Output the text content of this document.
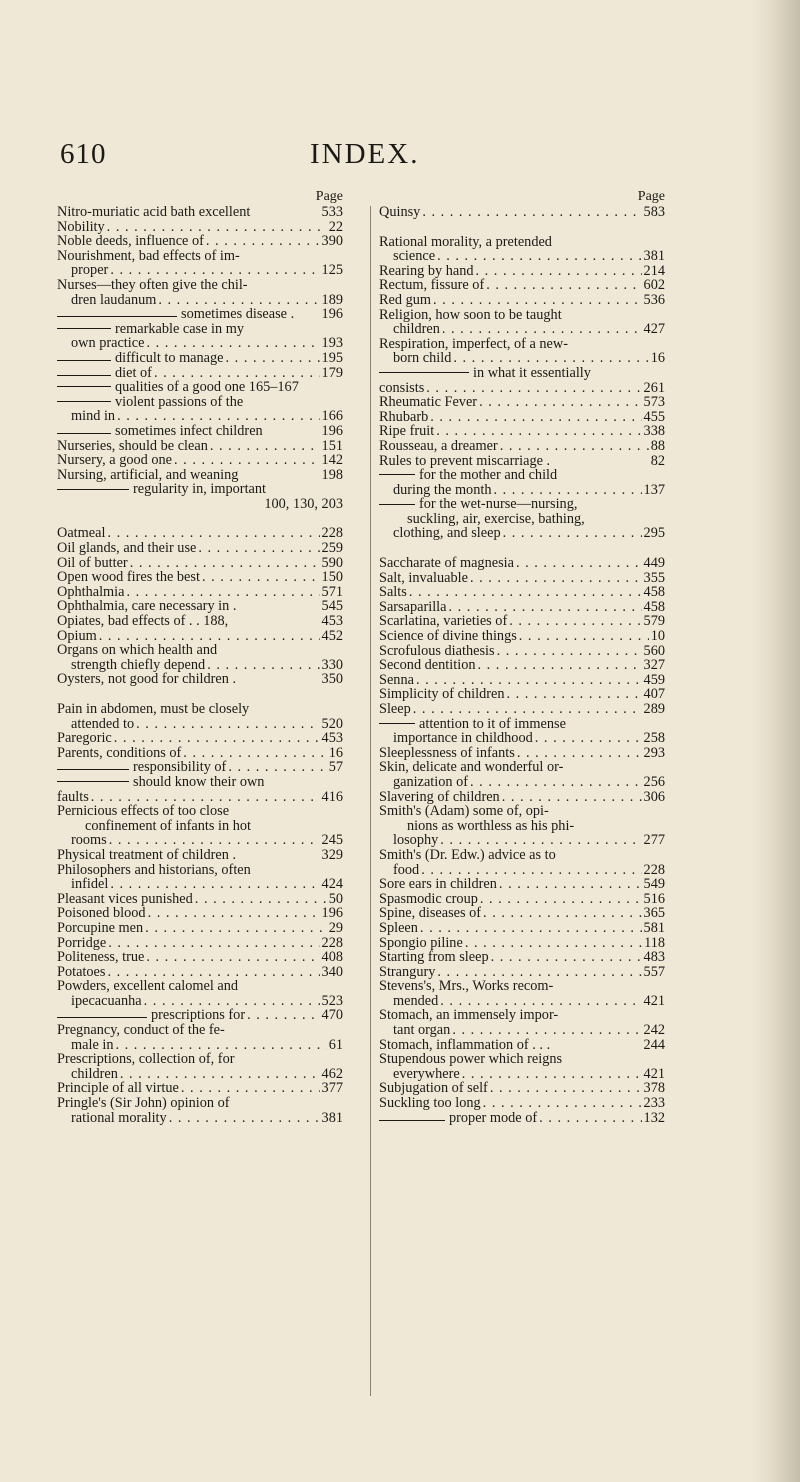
610	INDEX.
Page
Nitro-muriatic acid bath excellent	533
Nobility . . .	22
Noble deeds, influence of . . .	390
Nourishment, bad effects of im-
proper . . .	125
Nurses—they often give the chil-
dren laudanum . . .	189
sometimes disease . 196
remarkable case in my
own practice . . .	193
difficult to manage . . .	195
diet of . . .	179
qualities of a good one 165–167
violent passions of the
mind in . . .	166
sometimes infect children	196
Nurseries, should be clean . . .	151
Nursery, a good one . . .	142
Nursing, artificial, and weaning	198
regularity in, important
100, 130, 203
Oatmeal . . .	228
Oil glands, and their use . . .	259
Oil of butter . . .	590
Open wood fires the best . . .	150
Ophthalmia . . .	571
Ophthalmia, care necessary in .	545
Opiates, bad effects of . . 188,	453
Opium . . .	452
Organs on which health and
strength chiefly depend . . .	330
Oysters, not good for children .	350
Pain in abdomen, must be closely
attended to . . .	520
Paregoric . . .	453
Parents, conditions of . . .	16
responsibility of . . .	57
should know their own
faults . . .	416
Pernicious effects of too close
confinement of infants in hot
rooms . . .	245
Physical treatment of children .	329
Philosophers and historians, often
infidel . . .	424
Pleasant vices punished . . .	50
Poisoned blood . . .	196
Porcupine men . . .	29
Porridge . . .	228
Politeness, true . . .	408
Potatoes . . .	340
Powders, excellent calomel and
ipecacuanha . . .	523
prescriptions for . . .	470
Pregnancy, conduct of the fe-
male in . . .	61
Prescriptions, collection of, for
children . . .	462
Principle of all virtue . . .	377
Pringle's (Sir John) opinion of
rational morality . . .	381
Page
Quinsy . . .	583
Rational morality, a pretended
science . . .	381
Rearing by hand . . .	214
Rectum, fissure of . . .	602
Red gum . . .	536
Religion, how soon to be taught
children . . .	427
Respiration, imperfect, of a new-
born child . . .	16
in what it essentially
consists . . .	261
Rheumatic Fever . . .	573
Rhubarb . . .	455
Ripe fruit . . .	338
Rousseau, a dreamer . . .	88
Rules to prevent miscarriage .	82
for the mother and child
during the month . . .	137
for the wet-nurse—nursing,
suckling, air, exercise, bathing,
clothing, and sleep . . .	295
Saccharate of magnesia . . .	449
Salt, invaluable . . .	355
Salts . . .	458
Sarsaparilla . . .	458
Scarlatina, varieties of . . .	579
Science of divine things . . .	10
Scrofulous diathesis . . .	560
Second dentition . . .	327
Senna . . .	459
Simplicity of children . . .	407
Sleep . . .	289
attention to it of immense
importance in childhood . . .	258
Sleeplessness of infants . . .	293
Skin, delicate and wonderful or-
ganization of . . .	256
Slavering of children . . .	306
Smith's (Adam) some of, opi-
nions as worthless as his phi-
losophy . . .	277
Smith's (Dr. Edw.) advice as to
food . . .	228
Sore ears in children . . .	549
Spasmodic croup . . .	516
Spine, diseases of . . .	365
Spleen . . .	581
Spongio piline . . .	118
Starting from sleep . . .	483
Strangury . . .	557
Stevens's, Mrs., Works recom-
mended . . .	421
Stomach, an immensely impor-
tant organ . . .	242
Stomach, inflammation of . . .	244
Stupendous power which reigns
everywhere . . .	421
Subjugation of self . . .	378
Suckling too long . . .	233
proper mode of . . .	132
